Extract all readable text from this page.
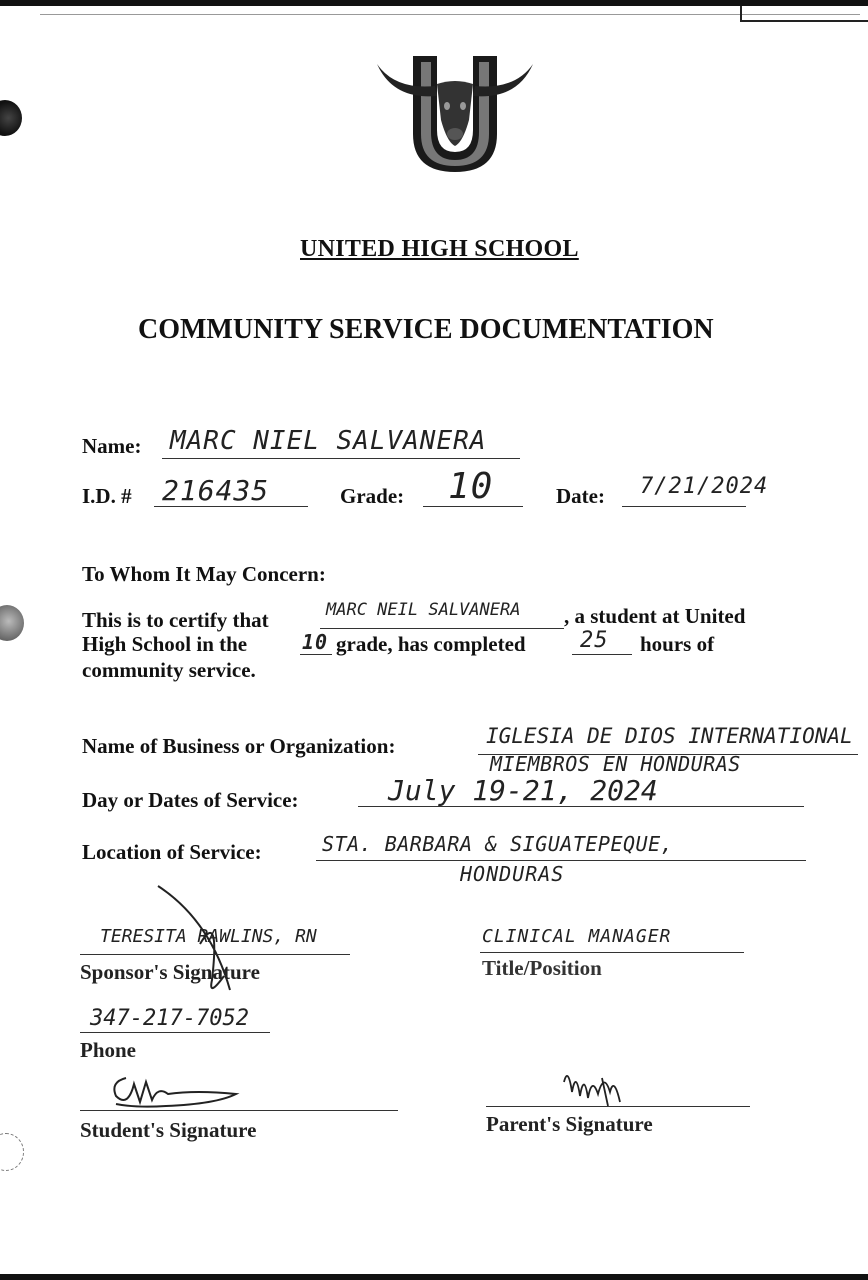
UNITED HIGH SCHOOL
COMMUNITY SERVICE DOCUMENTATION
Name: MARC NIEL SALVANERA
I.D. # 216435	Grade: 10	Date: 7/21/2024
To Whom It May Concern:
This is to certify that	MARC NEIL SALVANERA , a student at United
High School in the	10 grade, has completed 25 hours of
community service.
Name of Business or Organization:	IGLESIA DE DIOS INTERNATIONAL
MIEMBROS EN HONDURAS
Day or Dates of Service:	July 19-21, 2024
Location of Service:	STA. BARBARA & SIGUATEPEQUE,
HONDURAS
TERESITA RAWLINS, RN
Sponsor's Signature
CLINICAL MANAGER
Title/Position
347-217-7052
Phone
Student's Signature	Parent's Signature
